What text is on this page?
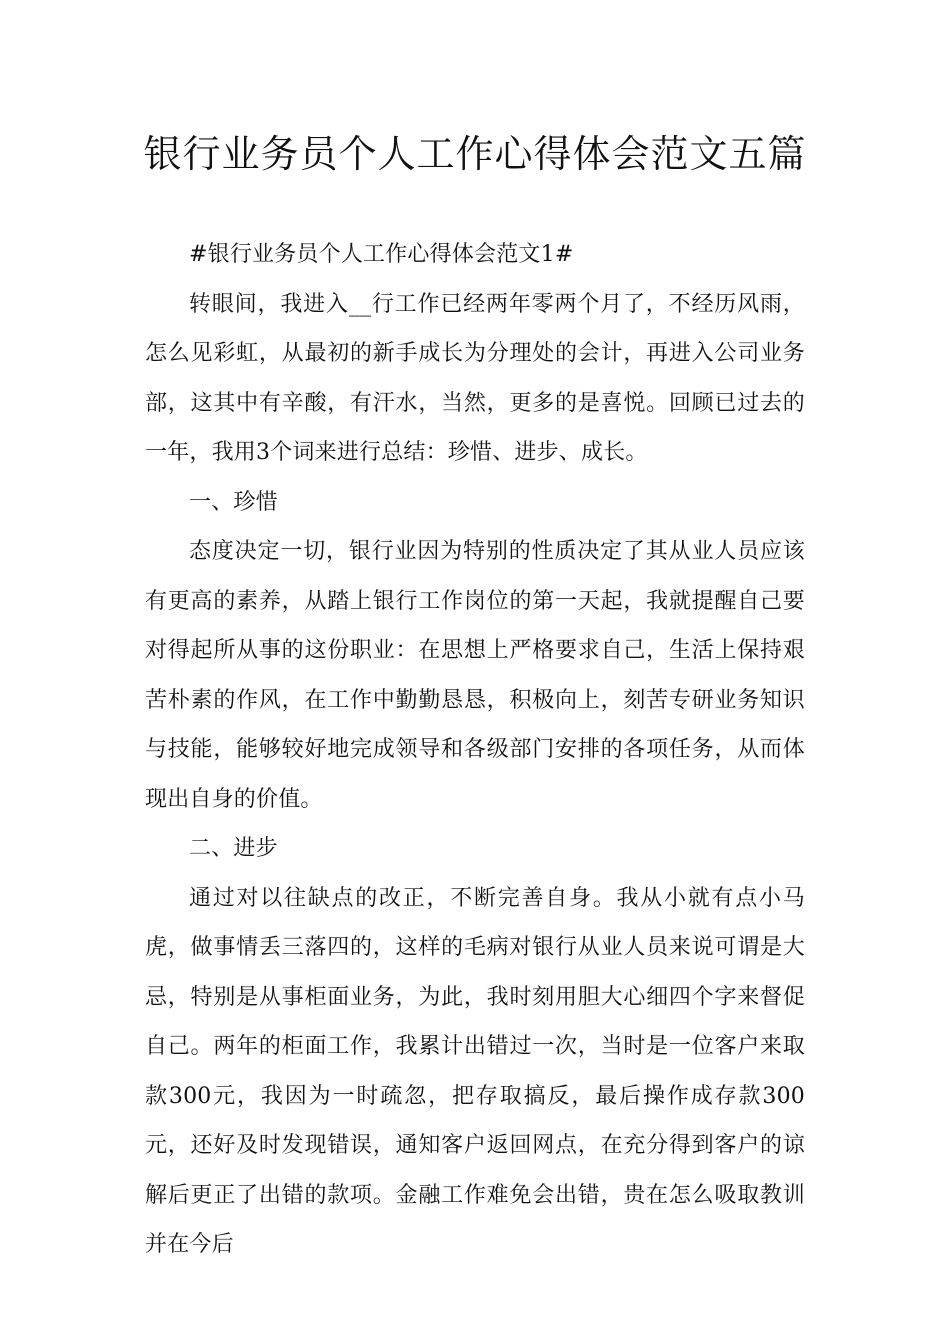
银行业务员个人工作心得体会范文五篇

#银行业务员个人工作心得体会范文1#

转眼间，我进入__行工作已经两年零两个月了，不经历风雨，怎么见彩虹，从最初的新手成长为分理处的会计，再进入公司业务部，这其中有辛酸，有汗水，当然，更多的是喜悦。回顾已过去的一年，我用3个词来进行总结：珍惜、进步、成长。

一、珍惜

态度决定一切，银行业因为特别的性质决定了其从业人员应该有更高的素养，从踏上银行工作岗位的第一天起，我就提醒自己要对得起所从事的这份职业：在思想上严格要求自己，生活上保持艰苦朴素的作风，在工作中勤勤恳恳，积极向上，刻苦专研业务知识与技能，能够较好地完成领导和各级部门安排的各项任务，从而体现出自身的价值。

二、进步

通过对以往缺点的改正，不断完善自身。我从小就有点小马虎，做事情丢三落四的，这样的毛病对银行从业人员来说可谓是大忌，特别是从事柜面业务，为此，我时刻用胆大心细四个字来督促自己。两年的柜面工作，我累计出错过一次，当时是一位客户来取款300元，我因为一时疏忽，把存取搞反，最后操作成存款300元，还好及时发现错误，通知客户返回网点，在充分得到客户的谅解后更正了出错的款项。金融工作难免会出错，贵在怎么吸取教训并在今后
